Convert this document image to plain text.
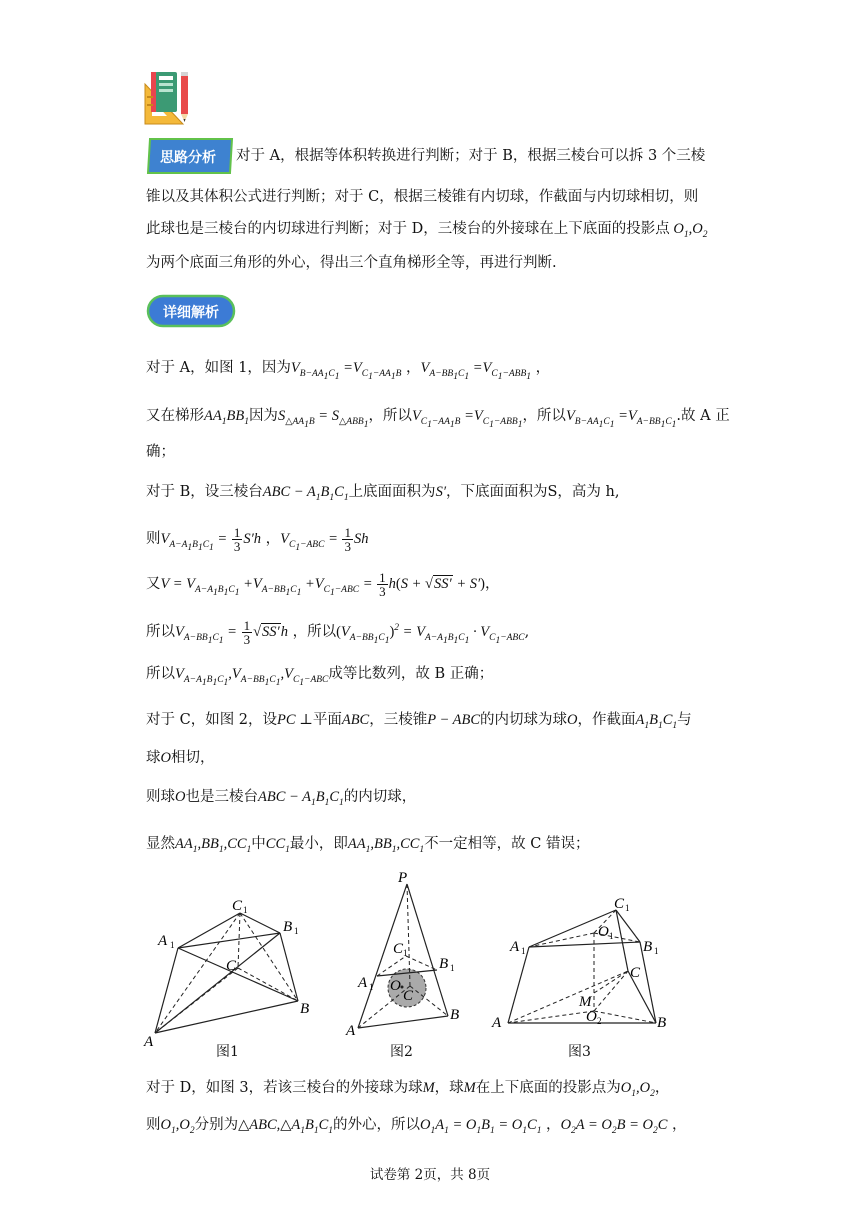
思路分析 对于 A，根据等体积转换进行判断；对于 B，根据三棱台可以拆 3 个三棱
锥以及其体积公式进行判断；对于 C，根据三棱锥有内切球，作截面与内切球相切，则
此球也是三棱台的内切球进行判断；对于 D，三棱台的外接球在上下底面的投影点 $O_1,O_2$
为两个底面三角形的外心，得出三个直角梯形全等，再进行判断.
详细解析
对于 A，如图 1，因为$V_{B-AA_1C_1} =V_{C_1-AA_1B}$ ，$V_{A-BB_1C_1} =V_{C_1-ABB_1}$ ，
又在梯形$AA_1BB_1$因为$S_{\triangle AA_1B} = S_{\triangle ABB_1}$，所以$V_{C_1-AA_1B} =V_{C_1-ABB_1}$，所以$V_{B-AA_1C_1} =V_{A-BB_1C_1}$.故 A 正
确；
对于 B，设三棱台ABC − $A_1B_1C_1$上底面面积为S′，下底面面积为S，高为 h,
则$V_{A-A_1B_1C_1} = \frac{1}{3} S'h$ ，$V_{C_1-ABC} = \frac{1}{3}$ Sh
又$V = V_{A-A_1B_1C_1} +V_{A-BB_1C_1} +V_{C_1-ABC} = \frac{1}{3} h(S + √SS' + S')$，
所以$V_{A-BB_1C_1} = \frac{1}{3} √SS'h$ ，所以$(V_{A-BB_1C_1})^2 = V_{A-A_1B_1C_1} \cdot V_{C_1-ABC}$,
所以$V_{A-A_1B_1C_1},V_{A-BB_1C_1},V_{C_1-ABC}$成等比数列，故 B 正确；
对于 C，如图 2，设PC ⊥平面ABC，三棱锥P − ABC的内切球为球O，作截面$A_1B_1C_1$与
球O相切，
则球O也是三棱台ABC − $A_1B_1C_1$的内切球，
显然$AA_1,BB_1,CC_1$中$CC_1$最小，即$AA_1,BB_1,CC_1$不一定相等，故 C 错误；
C 1
A 1
B 1
C
A
B
图1
P
C 1
A 1
B 1
O
C
A
B
图2
C 1
O 1
A 1	B 1
C
M
O 2
A	B
图3
对于 D，如图 3，若该三棱台的外接球为球M，球M在上下底面的投影点为$O_1,O_2$，
则$O_1,O_2$分别为$\triangle ABC,\triangle A_1B_1C_1$的外心，所以$O_1A_1 = O_1B_1 = O_1C_1$ ，$O_2A = O_2B = O_2C$ ，
试卷第 2页，共 8页
